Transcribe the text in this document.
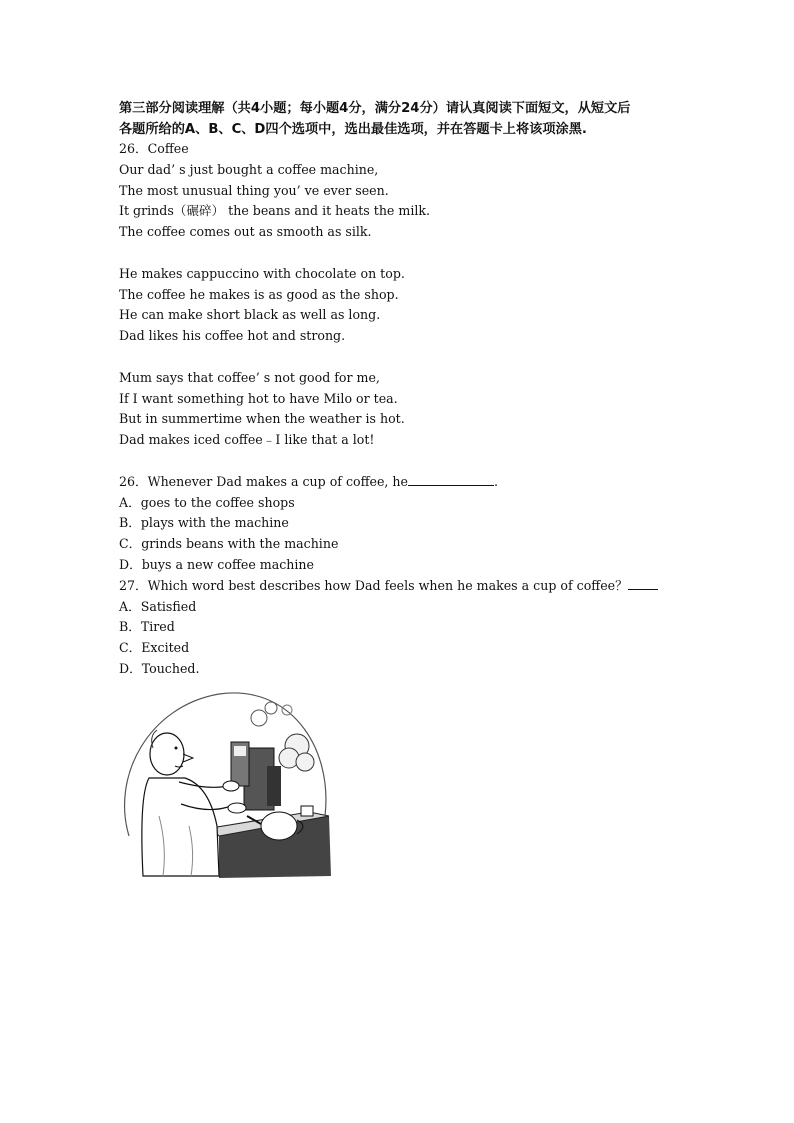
第三部分阅读理解（共4小题；每小题4分，满分24分）请认真阅读下面短文，从短文后
各题所给的A、B、C、D四个选项中，选出最佳选项，并在答题卡上将该项涂黑.
26．Coffee
Our dad’ s just bought a coffee machine,
The most unusual thing you’ ve ever seen.
It grinds（碾碎） the beans and it heats the milk.
The coffee comes out as smooth as silk.
He makes cappuccino with chocolate on top.
The coffee he makes is as good as the shop.
He can make short black as well as long.
Dad likes his coffee hot and strong.
Mum says that coffee’ s not good for me,
If I want something hot to have Milo or tea.
But in summertime when the weather is hot.
Dad makes iced coffee﹣I like that a lot!
26．Whenever Dad makes a cup of coffee, he	.
A．goes to the coffee shops
B．plays with the machine
C．grinds beans with the machine
D．buys a new coffee machine
27．Which word best describes how Dad feels when he makes a cup of coffee？
A．Satisfied
B．Tired
C．Excited
D．Touched.
